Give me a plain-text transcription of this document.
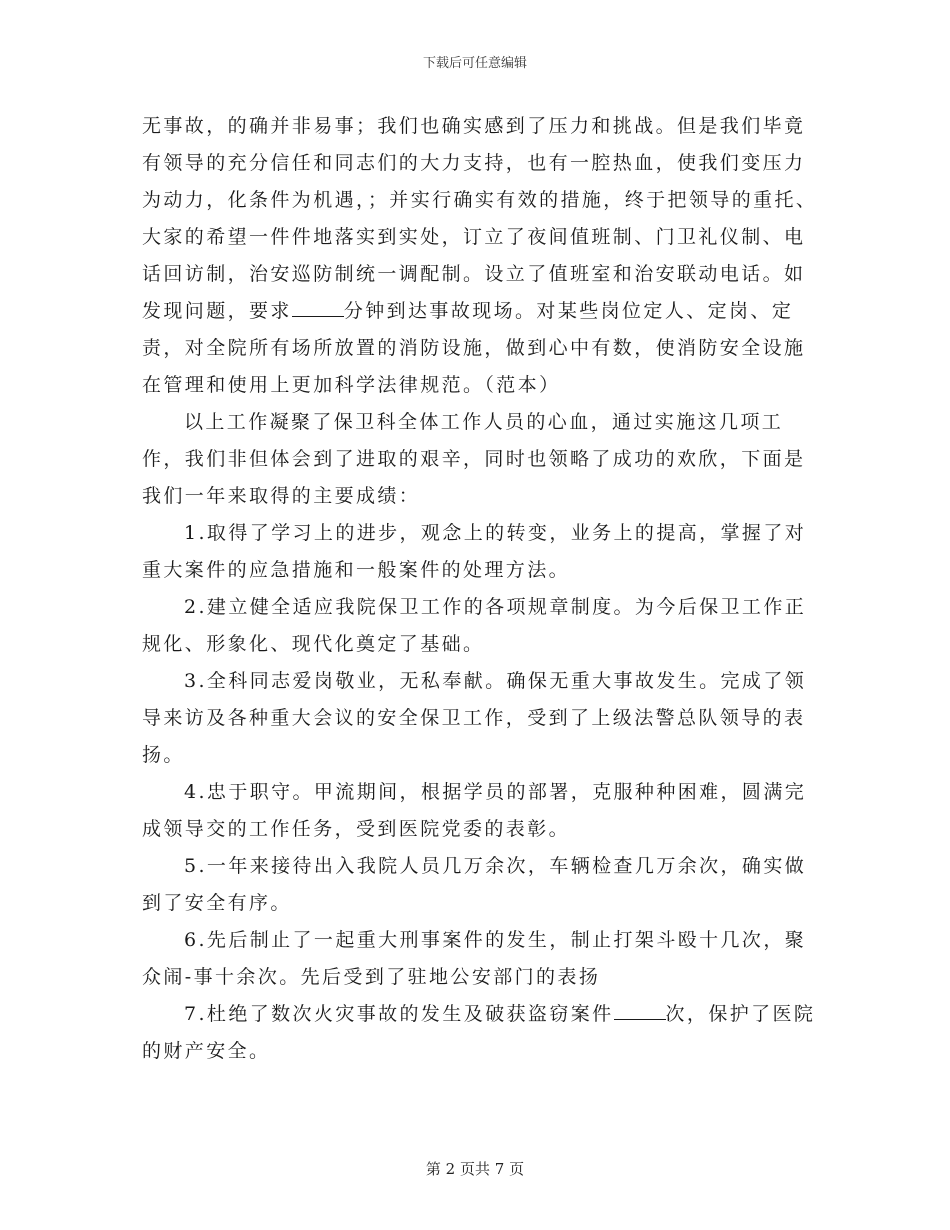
下载后可任意编辑

无事故，的确并非易事；我们也确实感到了压力和挑战。但是我们毕竟有领导的充分信任和同志们的大力支持，也有一腔热血，使我们变压力为动力，化条件为机遇，；并实行确实有效的措施，终于把领导的重托、大家的希望一件件地落实到实处，订立了夜间值班制、门卫礼仪制、电话回访制，治安巡防制统一调配制。设立了值班室和治安联动电话。如发现问题，要求	分钟到达事故现场。对某些岗位定人、定岗、定责，对全院所有场所放置的消防设施，做到心中有数，使消防安全设施在管理和使用上更加科学法律规范。（范本）

以上工作凝聚了保卫科全体工作人员的心血，通过实施这几项工作，我们非但体会到了进取的艰辛，同时也领略了成功的欢欣，下面是我们一年来取得的主要成绩：

1.取得了学习上的进步，观念上的转变，业务上的提高，掌握了对重大案件的应急措施和一般案件的处理方法。

2.建立健全适应我院保卫工作的各项规章制度。为今后保卫工作正规化、形象化、现代化奠定了基础。

3.全科同志爱岗敬业，无私奉献。确保无重大事故发生。完成了领导来访及各种重大会议的安全保卫工作，受到了上级法警总队领导的表扬。

4.忠于职守。甲流期间，根据学员的部署，克服种种困难，圆满完成领导交的工作任务，受到医院党委的表彰。

5.一年来接待出入我院人员几万余次，车辆检查几万余次，确实做到了安全有序。

6.先后制止了一起重大刑事案件的发生，制止打架斗殴十几次，聚众闹-事十余次。先后受到了驻地公安部门的表扬

7.杜绝了数次火灾事故的发生及破获盗窃案件	次，保护了医院的财产安全。

第 2 页共 7 页
